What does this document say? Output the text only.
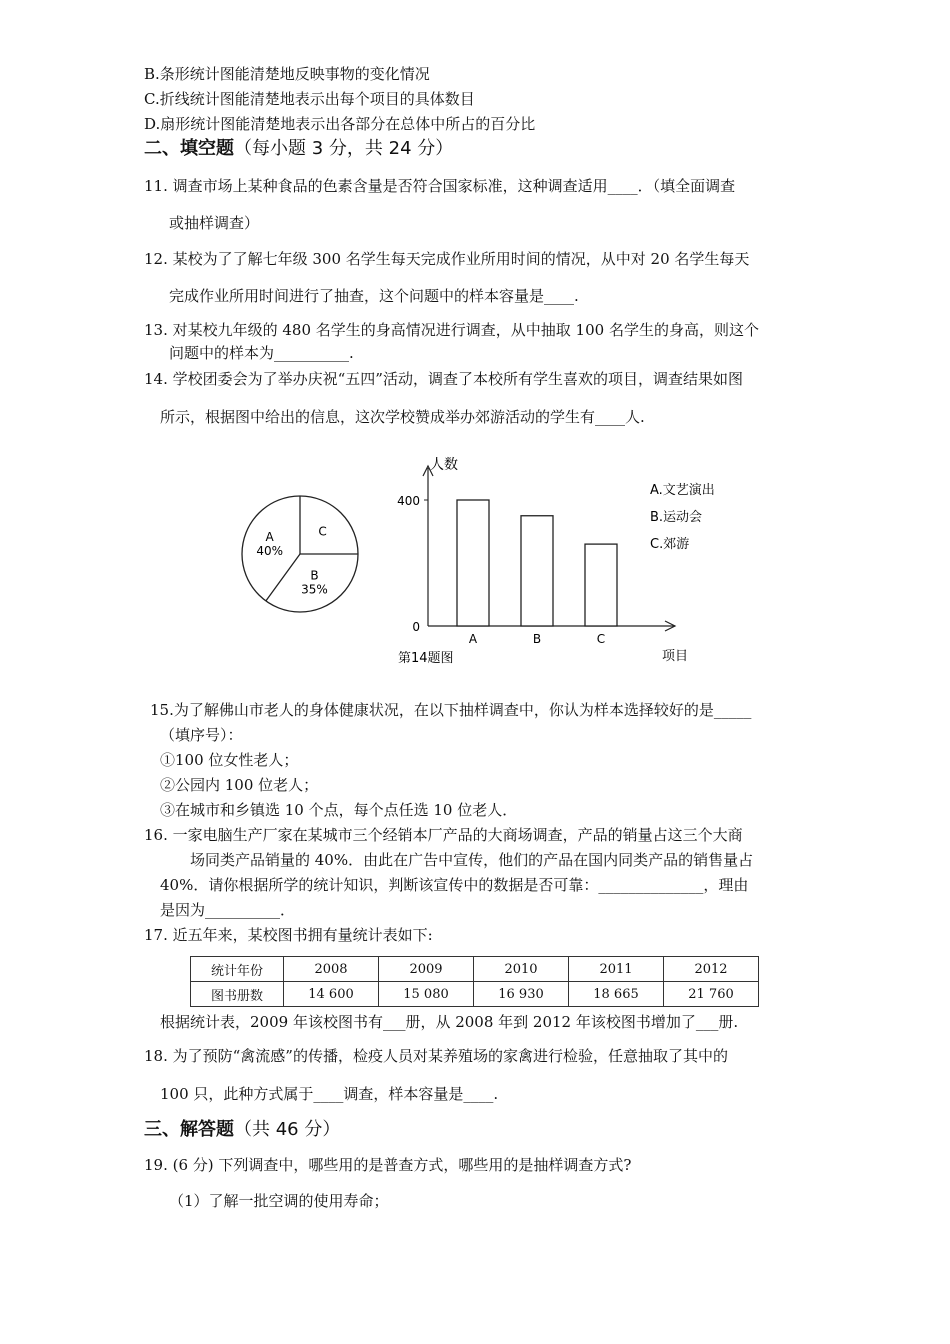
B.条形统计图能清楚地反映事物的变化情况
C.折线统计图能清楚地表示出每个项目的具体数目
D.扇形统计图能清楚地表示出各部分在总体中所占的百分比
二、填空题（每小题 3 分，共 24 分）
11. 调查市场上某种食品的色素含量是否符合国家标准，这种调查适用____．（填全面调查
或抽样调查）
12. 某校为了了解七年级 300 名学生每天完成作业所用时间的情况，从中对 20 名学生每天
完成作业所用时间进行了抽查，这个问题中的样本容量是____.
13. 对某校九年级的 480 名学生的身高情况进行调查，从中抽取 100 名学生的身高，则这个
问题中的样本为__________.
14. 学校团委会为了举办庆祝“五四”活动，调查了本校所有学生喜欢的项目，调查结果如图
所示，根据图中给出的信息，这次学校赞成举办郊游活动的学生有____人.
C
B
35%
A
40%
人数
400
0
A	B	C
A.文艺演出
B.运动会
C.郊游
第14题图	项目
15.为了解佛山市老人的身体健康状况，在以下抽样调查中，你认为样本选择较好的是_____
（填序号）：
①100 位女性老人；
②公园内 100 位老人；
③在城市和乡镇选 10 个点，每个点任选 10 位老人．
16. 一家电脑生产厂家在某城市三个经销本厂产品的大商场调查，产品的销量占这三个大商
场同类产品销量的 40%．由此在广告中宣传，他们的产品在国内同类产品的销售量占
40%．请你根据所学的统计知识，判断该宣传中的数据是否可靠：______________，理由
是因为__________．
17. 近五年来，某校图书拥有量统计表如下:
统计年份	2008	2009	2010	2011	2012
图书册数	14 600	15 080	16 930	18 665	21 760
根据统计表，2009 年该校图书有___册，从 2008 年到 2012 年该校图书增加了___册.
18. 为了预防“禽流感”的传播，检疫人员对某养殖场的家禽进行检验，任意抽取了其中的
100 只，此种方式属于____调查，样本容量是____.
三、解答题（共 46 分）
19. (6 分) 下列调查中，哪些用的是普查方式，哪些用的是抽样调查方式?
（1）了解一批空调的使用寿命；
